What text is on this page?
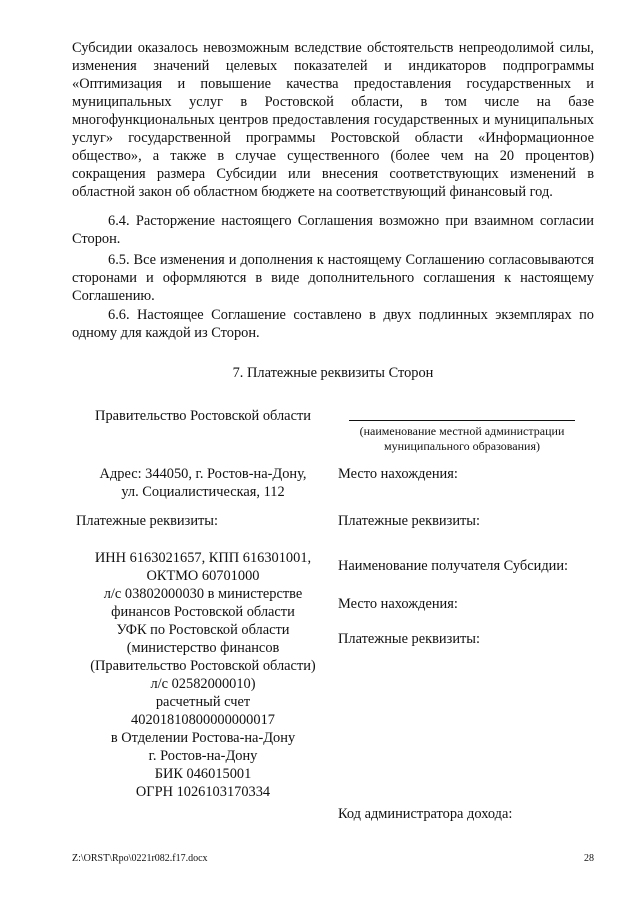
Субсидии оказалось невозможным вследствие обстоятельств непреодолимой силы, изменения значений целевых показателей и индикаторов подпрограммы «Оптимизация и повышение качества предоставления государственных и муниципальных услуг в Ростовской области, в том числе на базе многофункциональных центров предоставления государственных и муниципальных услуг» государственной программы Ростовской области «Информационное общество», а также в случае существенного (более чем на 20 процентов) сокращения размера Субсидии или внесения соответствующих изменений в областной закон об областном бюджете на соответствующий финансовый год.

6.4. Расторжение настоящего Соглашения возможно при взаимном согласии Сторон.

6.5. Все изменения и дополнения к настоящему Соглашению согласовываются сторонами и оформляются в виде дополнительного соглашения к настоящему Соглашению.

6.6. Настоящее Соглашение составлено в двух подлинных экземплярах по одному для каждой из Сторон.

7. Платежные реквизиты Сторон
Правительство Ростовской области
Адрес: 344050, г. Ростов-на-Дону,
ул. Социалистическая, 112
Платежные реквизиты:
ИНН 6163021657, КПП 616301001,
ОКТМО 60701000
л/с 03802000030 в министерстве
финансов Ростовской области
УФК по Ростовской области
(министерство финансов
(Правительство Ростовской области)
л/с 02582000010)
расчетный счет
40201810800000000017
в Отделении Ростова-на-Дону
г. Ростов-на-Дону
БИК 046015001
ОГРН 1026103170334
(наименование местной администрации
муниципального образования)
Место нахождения:
Платежные реквизиты:
Наименование получателя Субсидии:
Место нахождения:
Платежные реквизиты:
Код администратора дохода:
Z:\ORST\Rpo\0221r082.f17.docx	28
